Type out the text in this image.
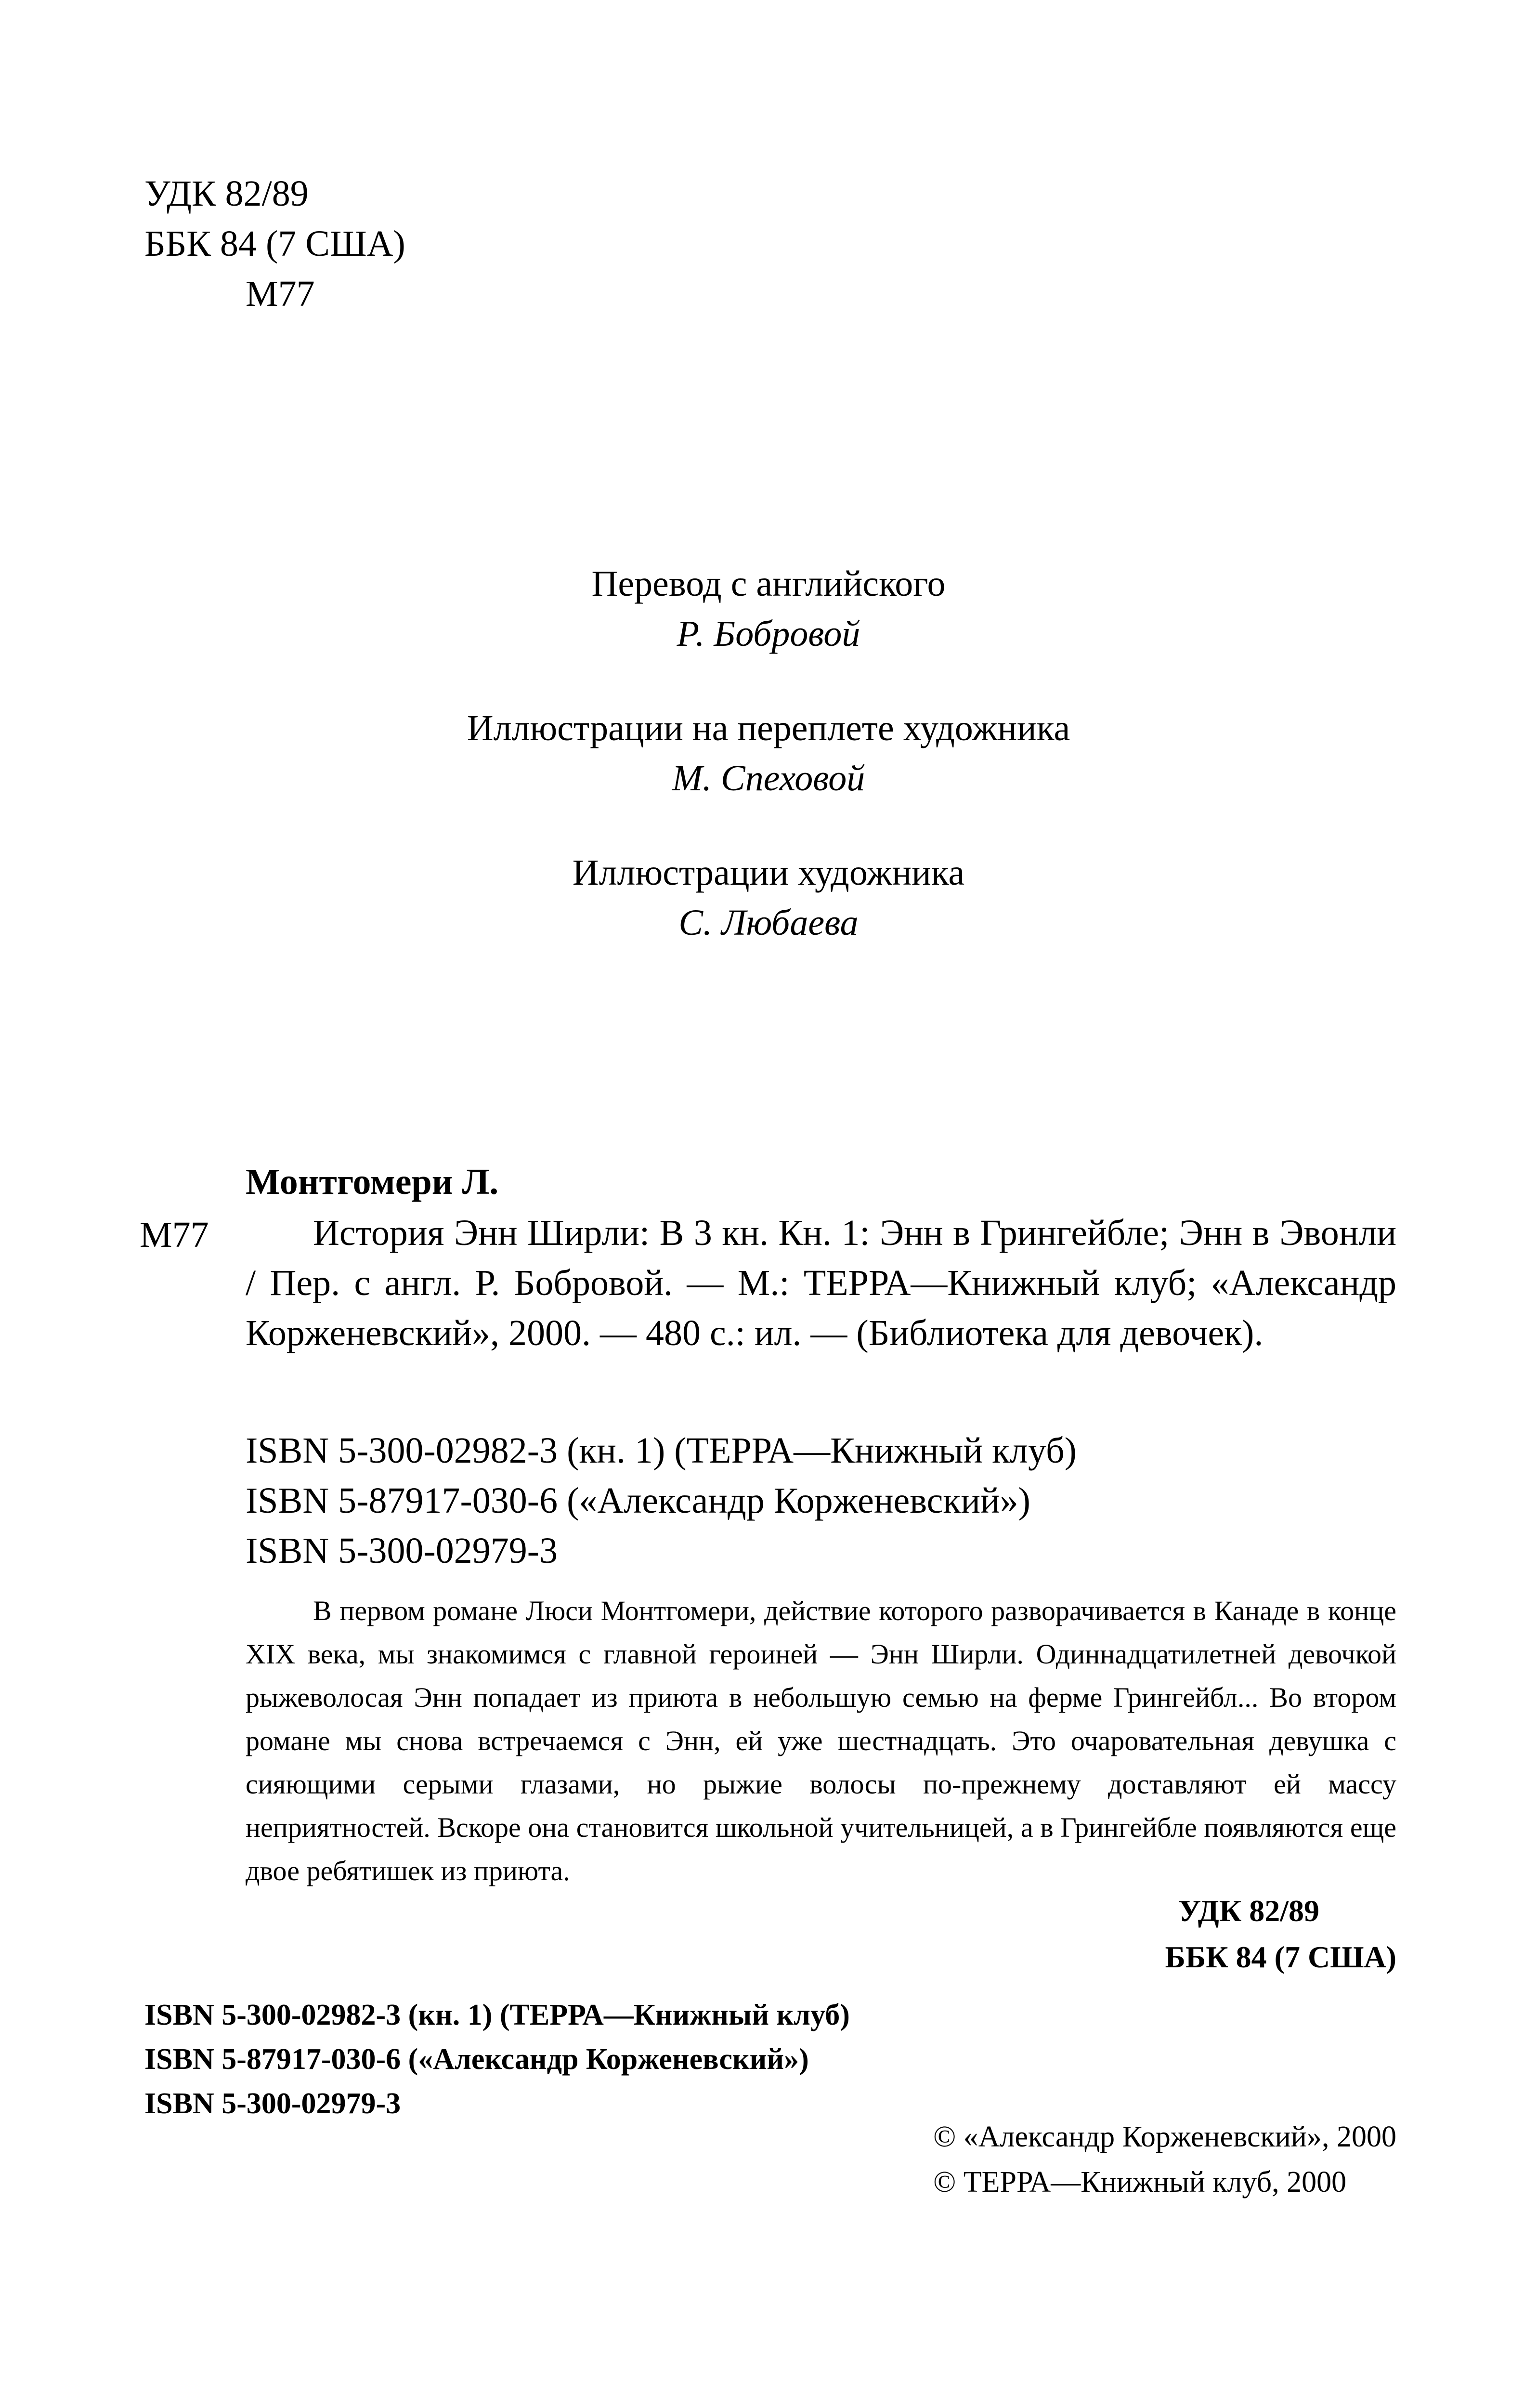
УДК 82/89
ББК 84 (7 США)
М77
Перевод с английского
Р. Бобровой
Иллюстрации на переплете художника
М. Спеховой
Иллюстрации художника
С. Любаева
М77
Монтгомери Л.
История Энн Ширли: В 3 кн. Кн. 1: Энн в Грингейбле; Энн в Эвонли / Пер. с англ. Р. Бобровой. — М.: ТЕРРА—Книжный клуб; «Александр Корженевский», 2000. — 480 с.: ил. — (Библиотека для девочек).
ISBN 5-300-02982-3 (кн. 1) (ТЕРРА—Книжный клуб)
ISBN 5-87917-030-6 («Александр Корженевский»)
ISBN 5-300-02979-3
В первом романе Люси Монтгомери, действие которого разворачивается в Канаде в конце XIX века, мы знакомимся с главной героиней — Энн Ширли. Одиннадцатилетней девочкой рыжеволосая Энн попадает из приюта в небольшую семью на ферме Грингейбл... Во втором романе мы снова встречаемся с Энн, ей уже шестнадцать. Это очаровательная девушка с сияющими серыми глазами, но рыжие волосы по-прежнему доставляют ей массу неприятностей. Вскоре она становится школьной учительницей, а в Грингейбле появляются еще двое ребятишек из приюта.
УДК 82/89
ББК 84 (7 США)
ISBN 5-300-02982-3 (кн. 1) (ТЕРРА—Книжный клуб)
ISBN 5-87917-030-6 («Александр Корженевский»)
ISBN 5-300-02979-3
© «Александр Корженевский», 2000
© ТЕРРА—Книжный клуб, 2000
